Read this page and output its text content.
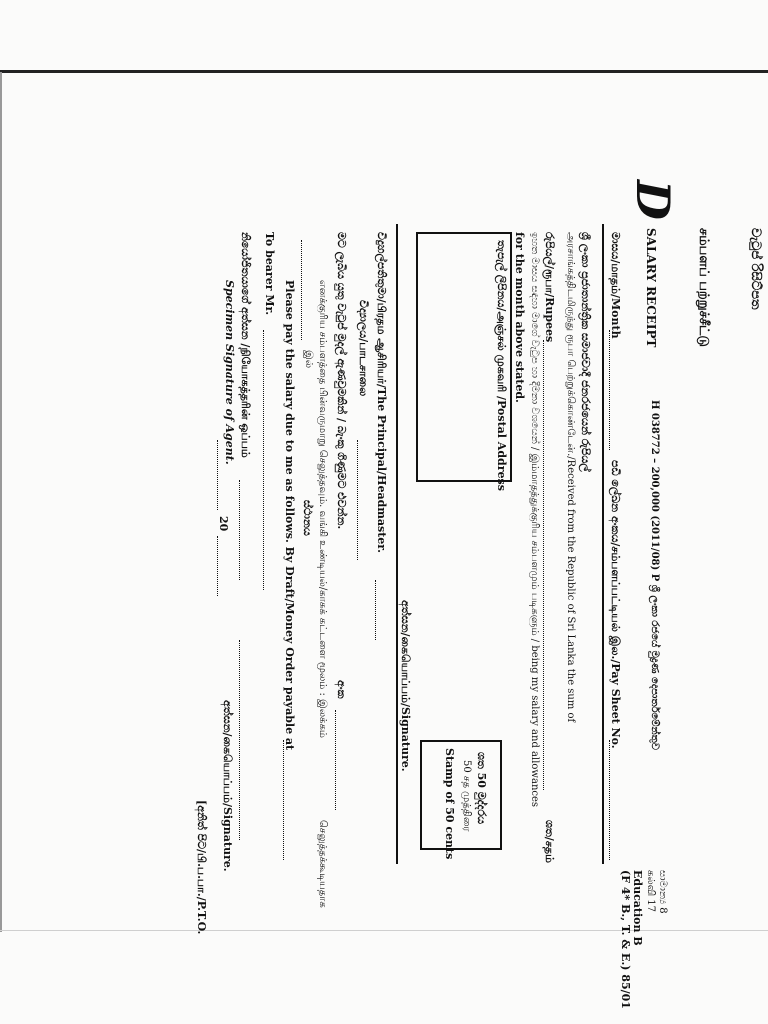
H 038772 – 200,000 (2011/08) P ශ්‍රී ලංකා රජයේ මුද්‍රණ දෙපාර්තමේන්තුව
D
සාමාන්‍ය 8
கல்வி 17
Education B
(F 4* B., T. & E.) 85/01
SALARY RECEIPT	சம்பளப் பற்றுச்சீட்டு	වැටුප් රිසිට්පත
මාසය/மாதம்/Month
පඩි ලේඛන අංකය/சம்பளப்பட்டியல் இல./Pay Sheet No.
ශ්‍රී ලංකා ප්‍රජාතාන්ත්‍රික සමාජවාදී ජනරජයෙන් රුපියල්
அரசாங்கத்திடமிருந்து ரூபா பெற்றுக்கொண்டேன்./Received from the Republic of Sri Lanka the sum of
රුපියල්/ரூபா/Rupees
ශත/சதம்
ඉහත මාසය සඳහා මාගේ වැටුප හා දීමනා වශයෙන් / இம்மாதத்துக்குரிய சம்பளமும் படிகளும் / being my salary and allowances
for the month above stated.
තැපැල් ලිපිනය/அஞ்சல் முகவரி /Postal Address
ශත 50 මුද්දරය
50 சத முத்திரை
Stamp of 50 cents
අත්සන/கையொப்பம்/Signature.
විදුහල්පතිතුමා/பிரதம ஆசிரியர்/The Principal/Headmaster.
විද්‍යාලය/பாடசாலை
මට ලැබිය යුතු වැටුප් මුදල් ඇණවුමකින් / බැංකු ගිණුමට එවන්න.
අංක
எனக்குரிய சம்பளத்தை பின்வருமாறு செலுத்தவும். வங்கி உண்டியல்/காசுக் கட்டளை மூலம் : இலக்கம்
செலுத்தக்கூடியதாக
ස්ථානය
இல்
Please pay the salary due to me as follows. By Draft/Money Order payable at
To bearer Mr.
නියෝජිතයාගේ අත්සන /நியோகத்தரின் ஒப்பம்
Specimen Signature of Agent.
20
අත්සන/கையொப்பம்/Signature.
[අනිත් පිට/பி.ப.பா./P.T.O.
